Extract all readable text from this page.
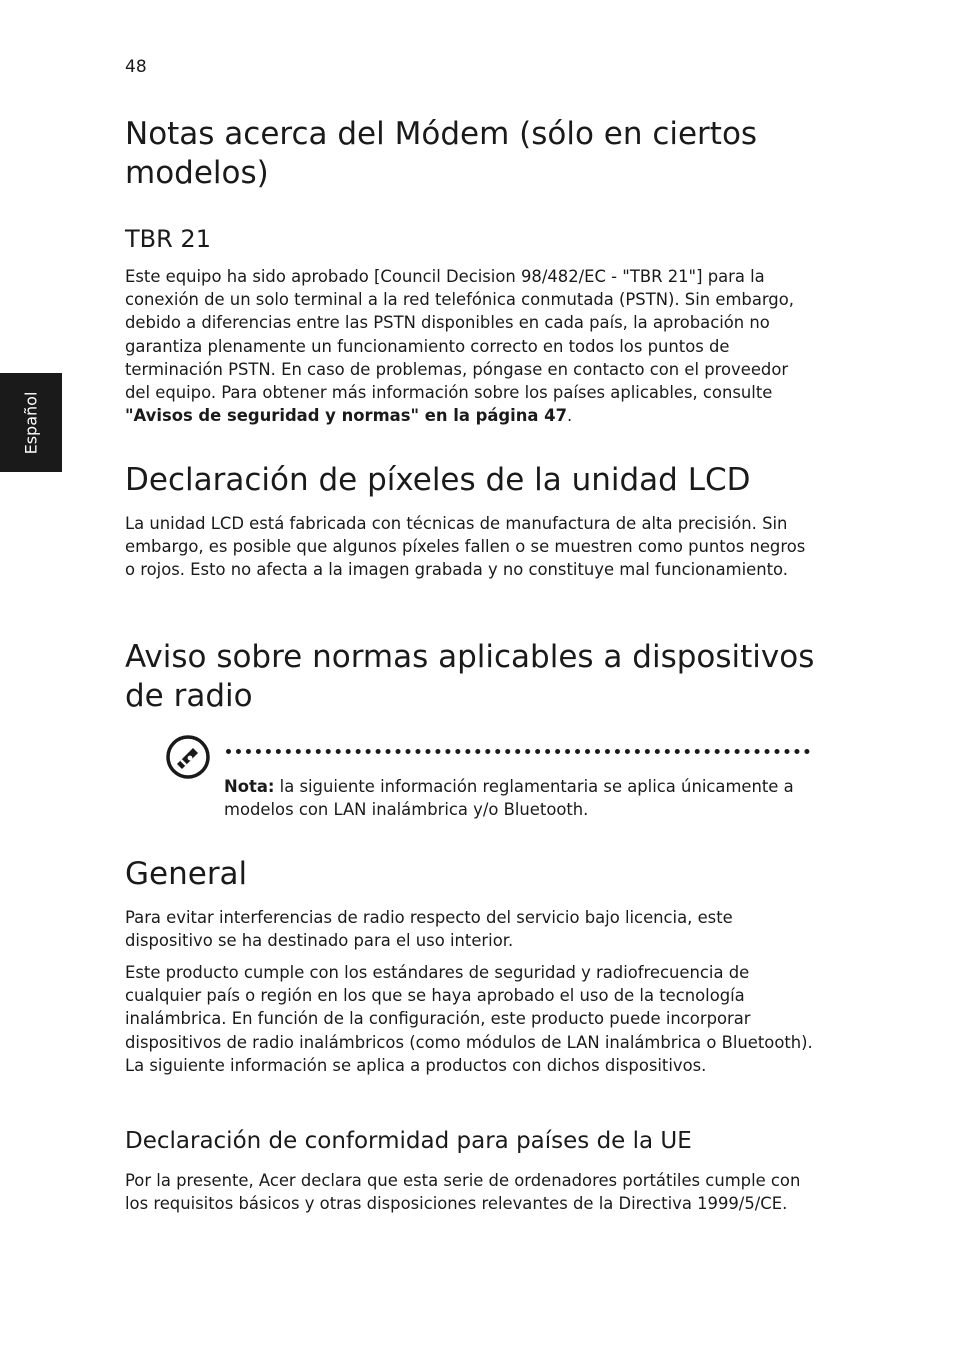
48
Español
Notas acerca del Módem (sólo en ciertos modelos)
TBR 21

Este equipo ha sido aprobado [Council Decision 98/482/EC - "TBR 21"] para la conexión de un solo terminal a la red telefónica conmutada (PSTN). Sin embargo, debido a diferencias entre las PSTN disponibles en cada país, la aprobación no garantiza plenamente un funcionamiento correcto en todos los puntos de terminación PSTN. En caso de problemas, póngase en contacto con el proveedor del equipo. Para obtener más información sobre los países aplicables, consulte "Avisos de seguridad y normas" en la página 47.

Declaración de píxeles de la unidad LCD

La unidad LCD está fabricada con técnicas de manufactura de alta precisión. Sin embargo, es posible que algunos píxeles fallen o se muestren como puntos negros o rojos. Esto no afecta a la imagen grabada y no constituye mal funcionamiento.

Aviso sobre normas aplicables a dispositivos de radio

Nota: la siguiente información reglamentaria se aplica únicamente a modelos con LAN inalámbrica y/o Bluetooth.

General

Para evitar interferencias de radio respecto del servicio bajo licencia, este dispositivo se ha destinado para el uso interior.

Este producto cumple con los estándares de seguridad y radiofrecuencia de cualquier país o región en los que se haya aprobado el uso de la tecnología inalámbrica. En función de la configuración, este producto puede incorporar dispositivos de radio inalámbricos (como módulos de LAN inalámbrica o Bluetooth). La siguiente información se aplica a productos con dichos dispositivos.

Declaración de conformidad para países de la UE

Por la presente, Acer declara que esta serie de ordenadores portátiles cumple con los requisitos básicos y otras disposiciones relevantes de la Directiva 1999/5/CE.
